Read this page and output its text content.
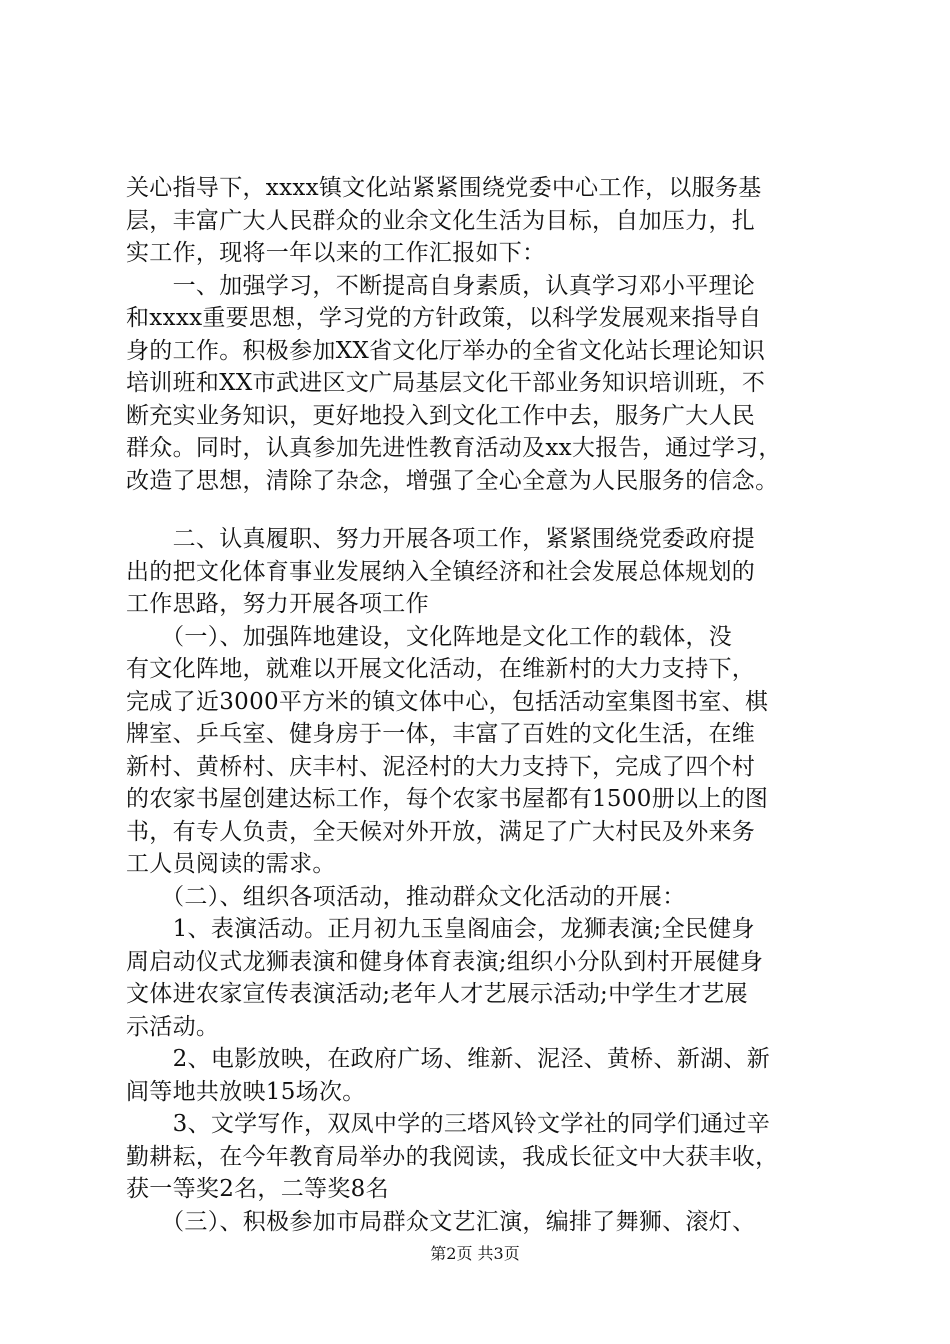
关心指导下，xxxx镇文化站紧紧围绕党委中心工作，以服务基
层，丰富广大人民群众的业余文化生活为目标，自加压力，扎
实工作，现将一年以来的工作汇报如下：
　　一、加强学习，不断提高自身素质，认真学习邓小平理论
和xxxx重要思想，学习党的方针政策，以科学发展观来指导自
身的工作。积极参加XX省文化厅举办的全省文化站长理论知识
培训班和XX市武进区文广局基层文化干部业务知识培训班，不
断充实业务知识，更好地投入到文化工作中去，服务广大人民
群众。同时，认真参加先进性教育活动及xx大报告，通过学习，
改造了思想，清除了杂念，增强了全心全意为人民服务的信念。
　　二、认真履职、努力开展各项工作，紧紧围绕党委政府提
出的把文化体育事业发展纳入全镇经济和社会发展总体规划的
工作思路，努力开展各项工作
　　（一）、加强阵地建设，文化阵地是文化工作的载体，没
有文化阵地，就难以开展文化活动，在维新村的大力支持下，
完成了近3000平方米的镇文体中心，包括活动室集图书室、棋
牌室、乒乓室、健身房于一体，丰富了百姓的文化生活，在维
新村、黄桥村、庆丰村、泥泾村的大力支持下，完成了四个村
的农家书屋创建达标工作，每个农家书屋都有1500册以上的图
书，有专人负责，全天候对外开放，满足了广大村民及外来务
工人员阅读的需求。
　　（二）、组织各项活动，推动群众文化活动的开展：
　　1、表演活动。正月初九玉皇阁庙会，龙狮表演;全民健身
周启动仪式龙狮表演和健身体育表演;组织小分队到村开展健身
文体进农家宣传表演活动;老年人才艺展示活动;中学生才艺展
示活动。
　　2、电影放映，在政府广场、维新、泥泾、黄桥、新湖、新
闾等地共放映15场次。
　　3、文学写作，双凤中学的三塔风铃文学社的同学们通过辛
勤耕耘，在今年教育局举办的我阅读，我成长征文中大获丰收，
获一等奖2名，二等奖8名
　　（三）、积极参加市局群众文艺汇演，编排了舞狮、滚灯、
第2页 共3页
